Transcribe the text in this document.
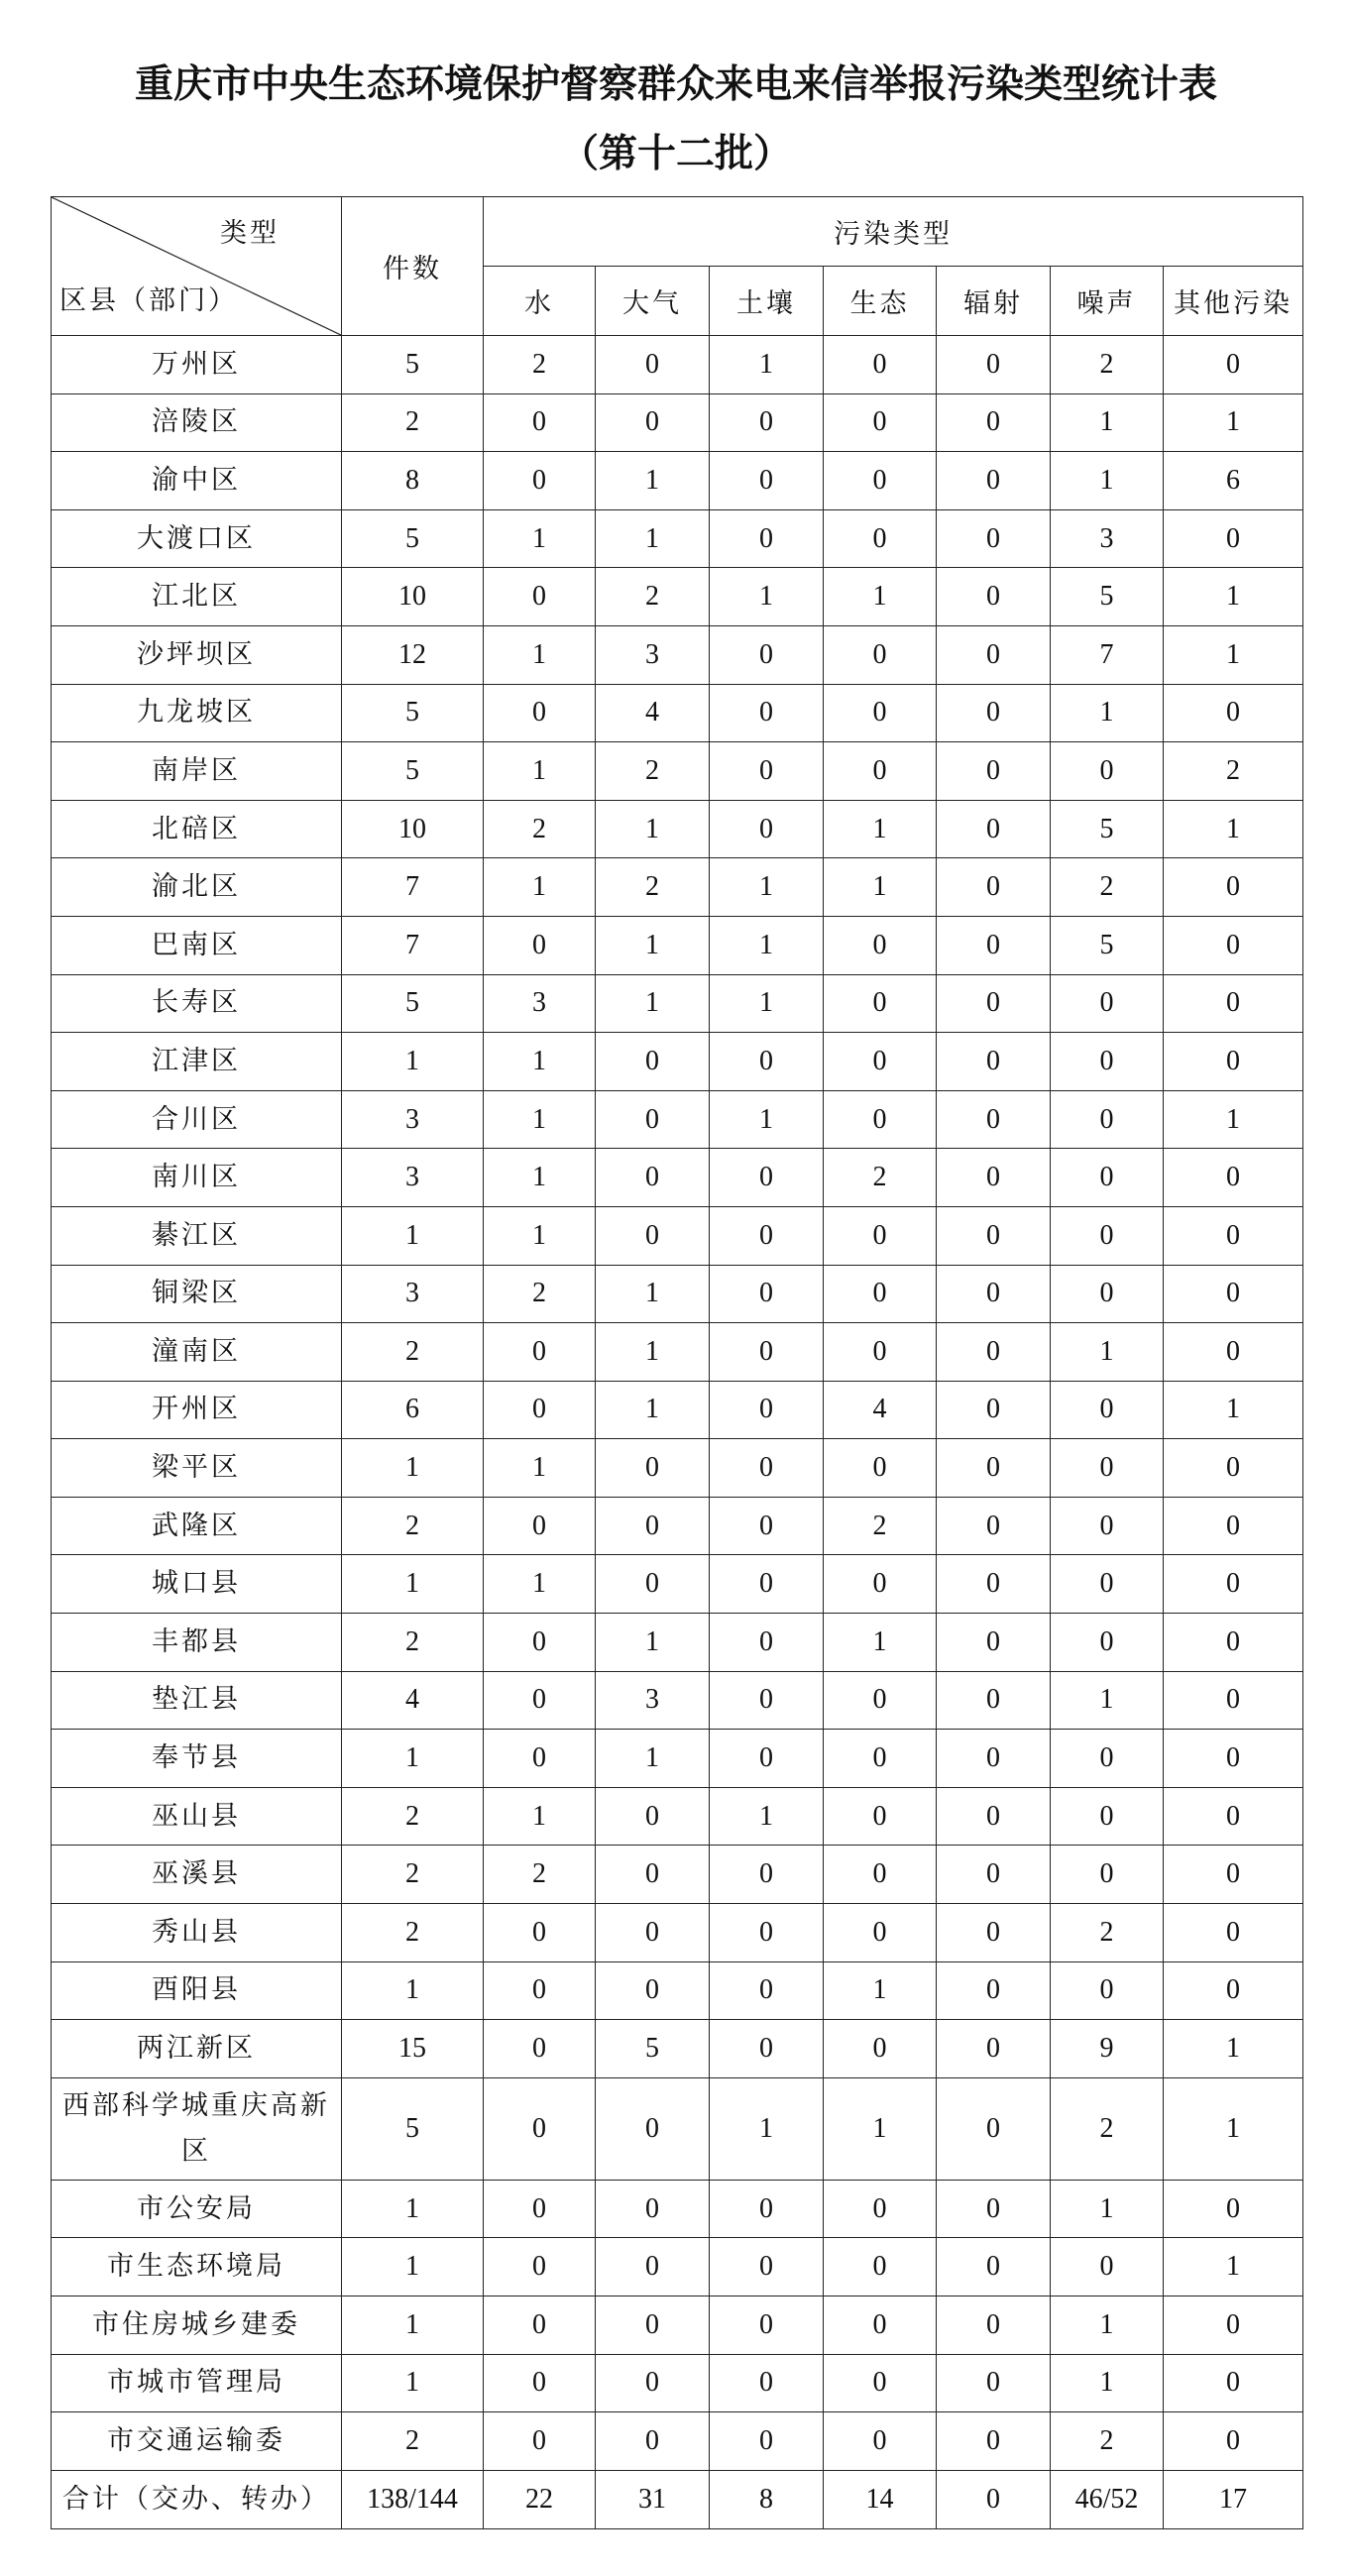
重庆市中央生态环境保护督察群众来电来信举报污染类型统计表
（第十二批）
类型
区县（部门）	件数	污染类型						
		水	大气	土壤	生态	辐射	噪声	其他污染
万州区	5	2	0	1	0	0	2	0
涪陵区	2	0	0	0	0	0	1	1
渝中区	8	0	1	0	0	0	1	6
大渡口区	5	1	1	0	0	0	3	0
江北区	10	0	2	1	1	0	5	1
沙坪坝区	12	1	3	0	0	0	7	1
九龙坡区	5	0	4	0	0	0	1	0
南岸区	5	1	2	0	0	0	0	2
北碚区	10	2	1	0	1	0	5	1
渝北区	7	1	2	1	1	0	2	0
巴南区	7	0	1	1	0	0	5	0
长寿区	5	3	1	1	0	0	0	0
江津区	1	1	0	0	0	0	0	0
合川区	3	1	0	1	0	0	0	1
南川区	3	1	0	0	2	0	0	0
綦江区	1	1	0	0	0	0	0	0
铜梁区	3	2	1	0	0	0	0	0
潼南区	2	0	1	0	0	0	1	0
开州区	6	0	1	0	4	0	0	1
梁平区	1	1	0	0	0	0	0	0
武隆区	2	0	0	0	2	0	0	0
城口县	1	1	0	0	0	0	0	0
丰都县	2	0	1	0	1	0	0	0
垫江县	4	0	3	0	0	0	1	0
奉节县	1	0	1	0	0	0	0	0
巫山县	2	1	0	1	0	0	0	0
巫溪县	2	2	0	0	0	0	0	0
秀山县	2	0	0	0	0	0	2	0
酉阳县	1	0	0	0	1	0	0	0
两江新区	15	0	5	0	0	0	9	1
西部科学城重庆高新区	5	0	0	1	1	0	2	1
市公安局	1	0	0	0	0	0	1	0
市生态环境局	1	0	0	0	0	0	0	1
市住房城乡建委	1	0	0	0	0	0	1	0
市城市管理局	1	0	0	0	0	0	1	0
市交通运输委	2	0	0	0	0	0	2	0
合计（交办、转办）	138/144	22	31	8	14	0	46/52	17
